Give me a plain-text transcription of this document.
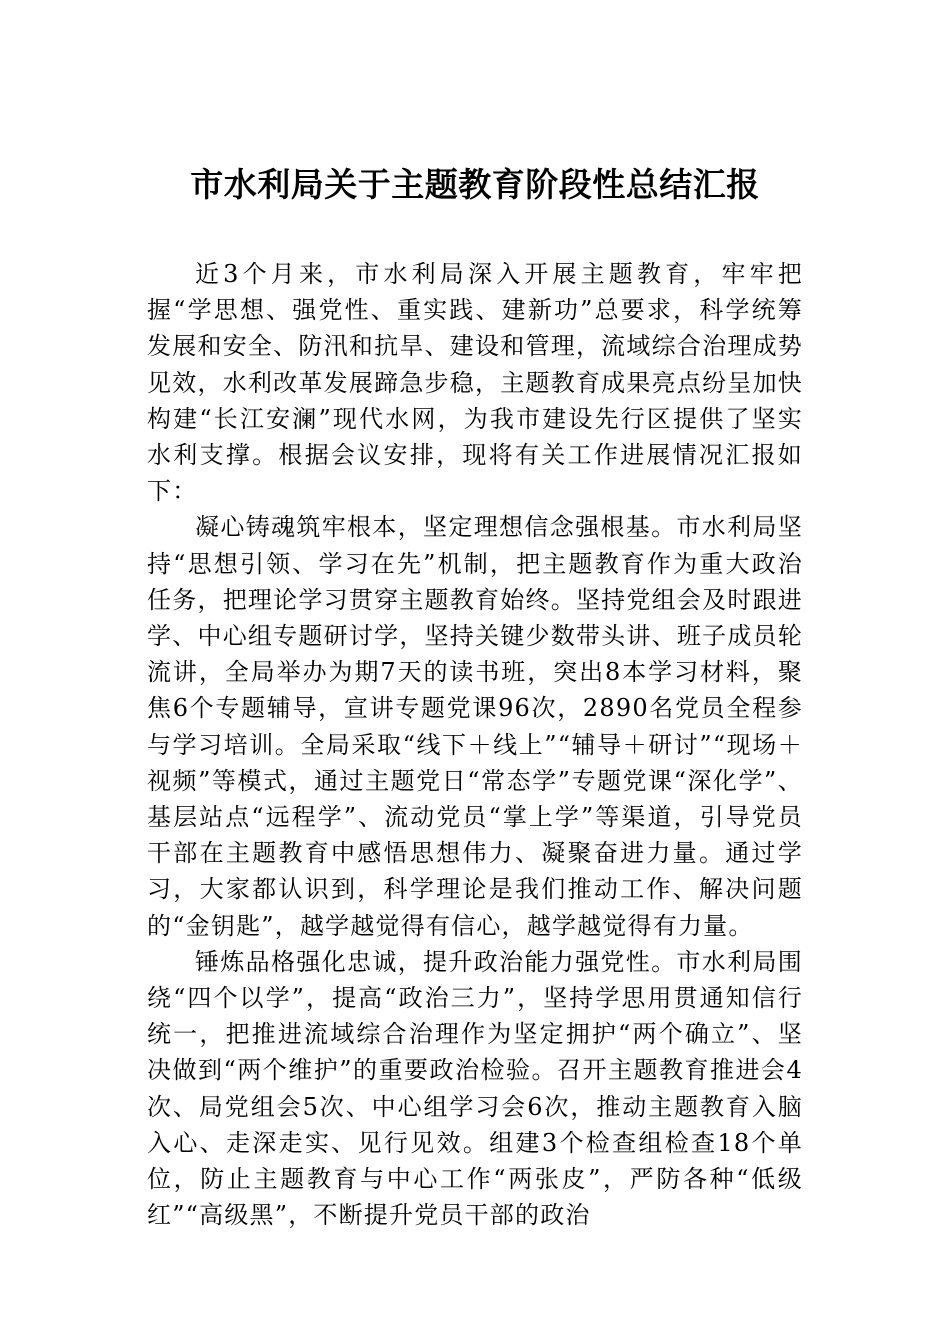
市水利局关于主题教育阶段性总结汇报

近3个月来，市水利局深入开展主题教育，牢牢把握“学思想、强党性、重实践、建新功”总要求，科学统筹发展和安全、防汛和抗旱、建设和管理，流域综合治理成势见效，水利改革发展蹄急步稳，主题教育成果亮点纷呈加快构建“长江安澜”现代水网，为我市建设先行区提供了坚实水利支撑。根据会议安排，现将有关工作进展情况汇报如下：

凝心铸魂筑牢根本，坚定理想信念强根基。市水利局坚持“思想引领、学习在先”机制，把主题教育作为重大政治任务，把理论学习贯穿主题教育始终。坚持党组会及时跟进学、中心组专题研讨学，坚持关键少数带头讲、班子成员轮流讲，全局举办为期7天的读书班，突出8本学习材料，聚焦6个专题辅导，宣讲专题党课96次，2890名党员全程参与学习培训。全局采取“线下＋线上”“辅导＋研讨”“现场＋视频”等模式，通过主题党日“常态学”专题党课“深化学”、基层站点“远程学”、流动党员“掌上学”等渠道，引导党员干部在主题教育中感悟思想伟力、凝聚奋进力量。通过学习，大家都认识到，科学理论是我们推动工作、解决问题的“金钥匙”，越学越觉得有信心，越学越觉得有力量。

锤炼品格强化忠诚，提升政治能力强党性。市水利局围绕“四个以学”，提高“政治三力”，坚持学思用贯通知信行统一，把推进流域综合治理作为坚定拥护“两个确立”、坚决做到“两个维护”的重要政治检验。召开主题教育推进会4次、局党组会5次、中心组学习会6次，推动主题教育入脑入心、走深走实、见行见效。组建3个检查组检查18个单位，防止主题教育与中心工作“两张皮”，严防各种“低级红”“高级黑”，不断提升党员干部的政治
